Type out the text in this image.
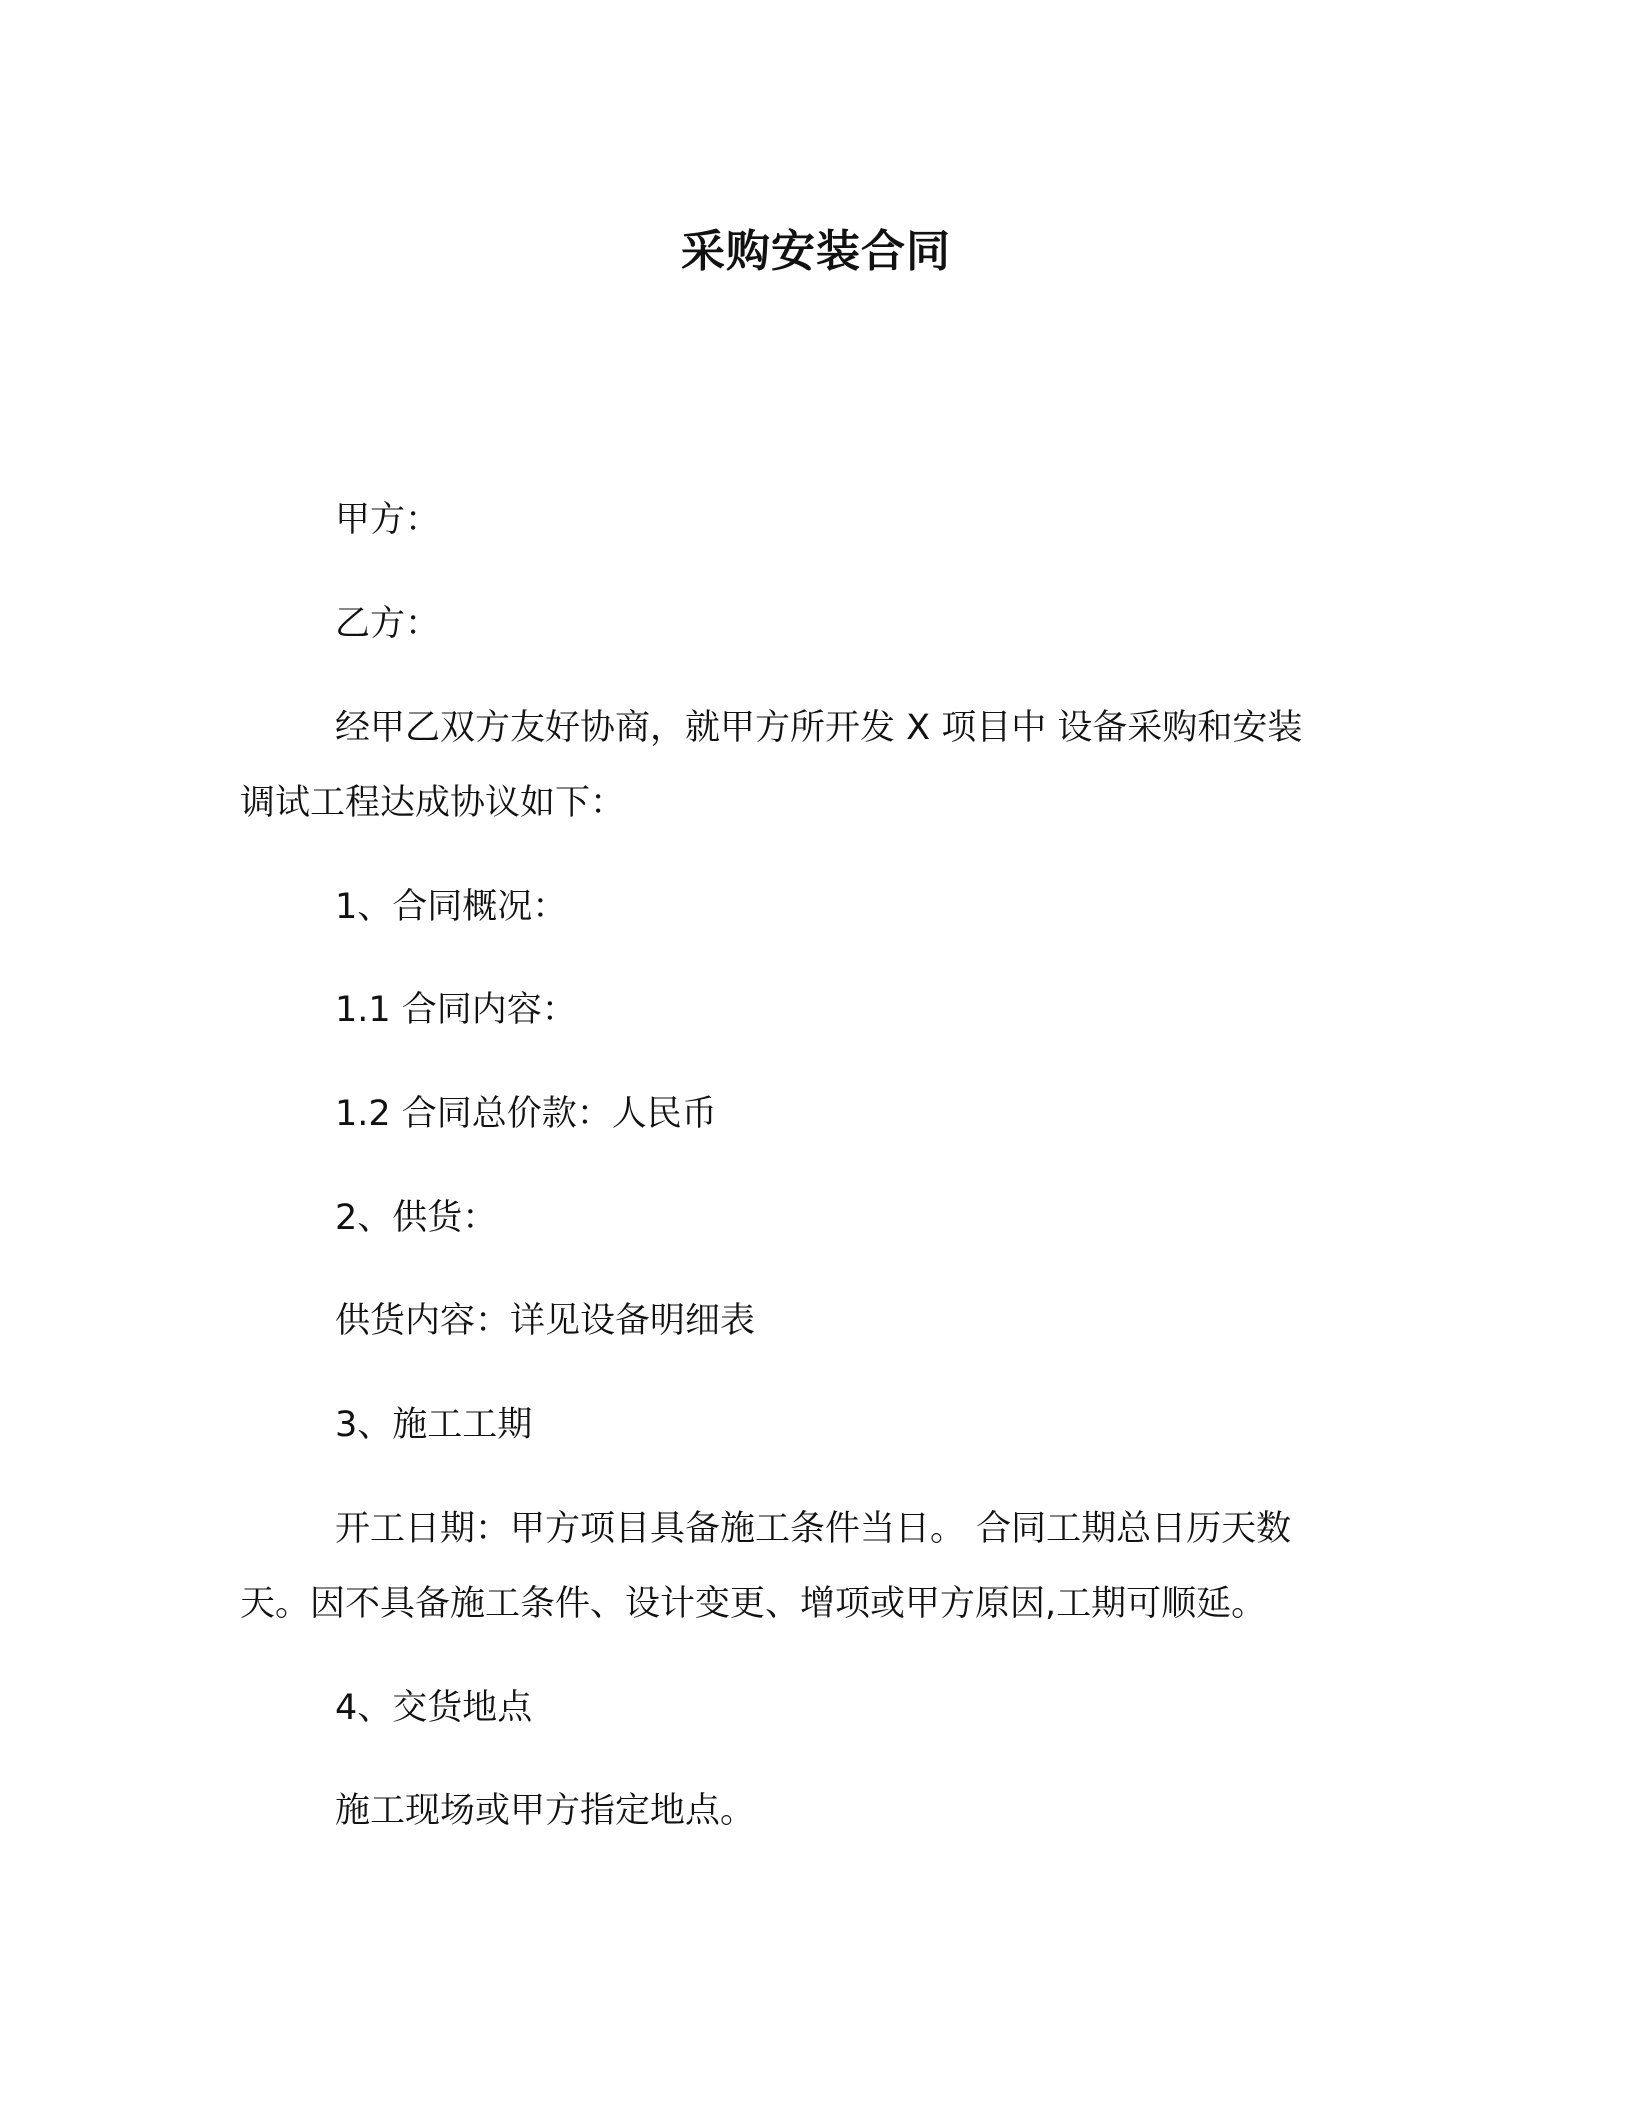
采购安装合同

甲方：

乙方：

经甲乙双方友好协商，就甲方所开发 X 项目中 设备采购和安装

调试工程达成协议如下：

1、合同概况：

1.1 合同内容：

1.2 合同总价款：人民币

2、供货：

供货内容：详见设备明细表

3、施工工期

开工日期：甲方项目具备施工条件当日。 合同工期总日历天数

天。因不具备施工条件、设计变更、增项或甲方原因,工期可顺延。

4、交货地点

施工现场或甲方指定地点。
